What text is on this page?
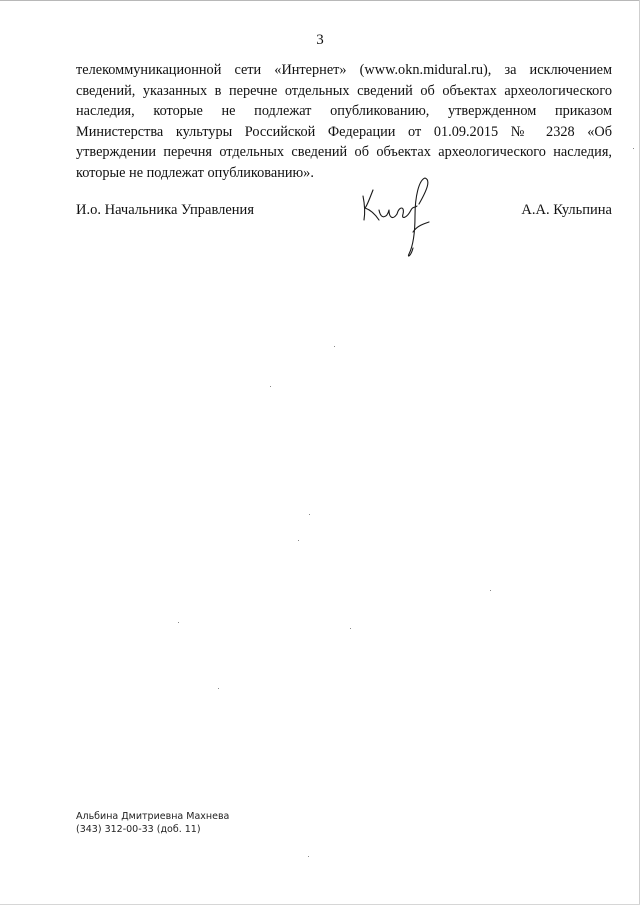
3

телекоммуникационной сети «Интернет» (www.okn.midural.ru), за исключением сведений, указанных в перечне отдельных сведений об объектах археологического наследия, которые не подлежат опубликованию, утвержденном приказом Министерства культуры Российской Федерации от 01.09.2015 № 2328 «Об утверждении перечня отдельных сведений об объектах археологического наследия, которые не подлежат опубликованию».

И.о. Начальника Управления	А.А. Кульпина
Альбина Дмитриевна Махнева
(343) 312-00-33 (доб. 11)
